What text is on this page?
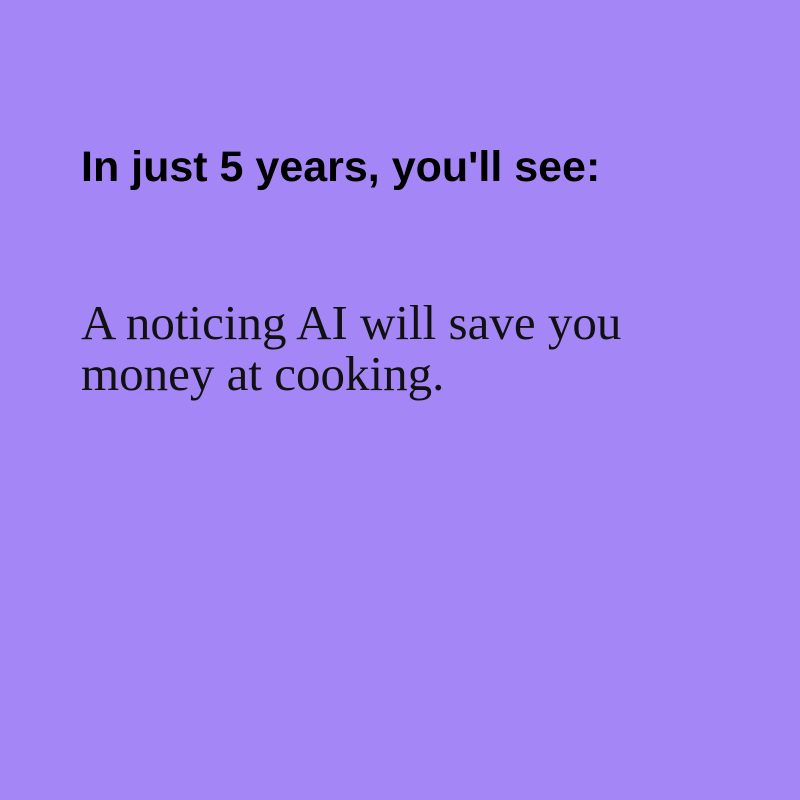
In just 5 years, you'll see:

A noticing AI will save you money at cooking.
